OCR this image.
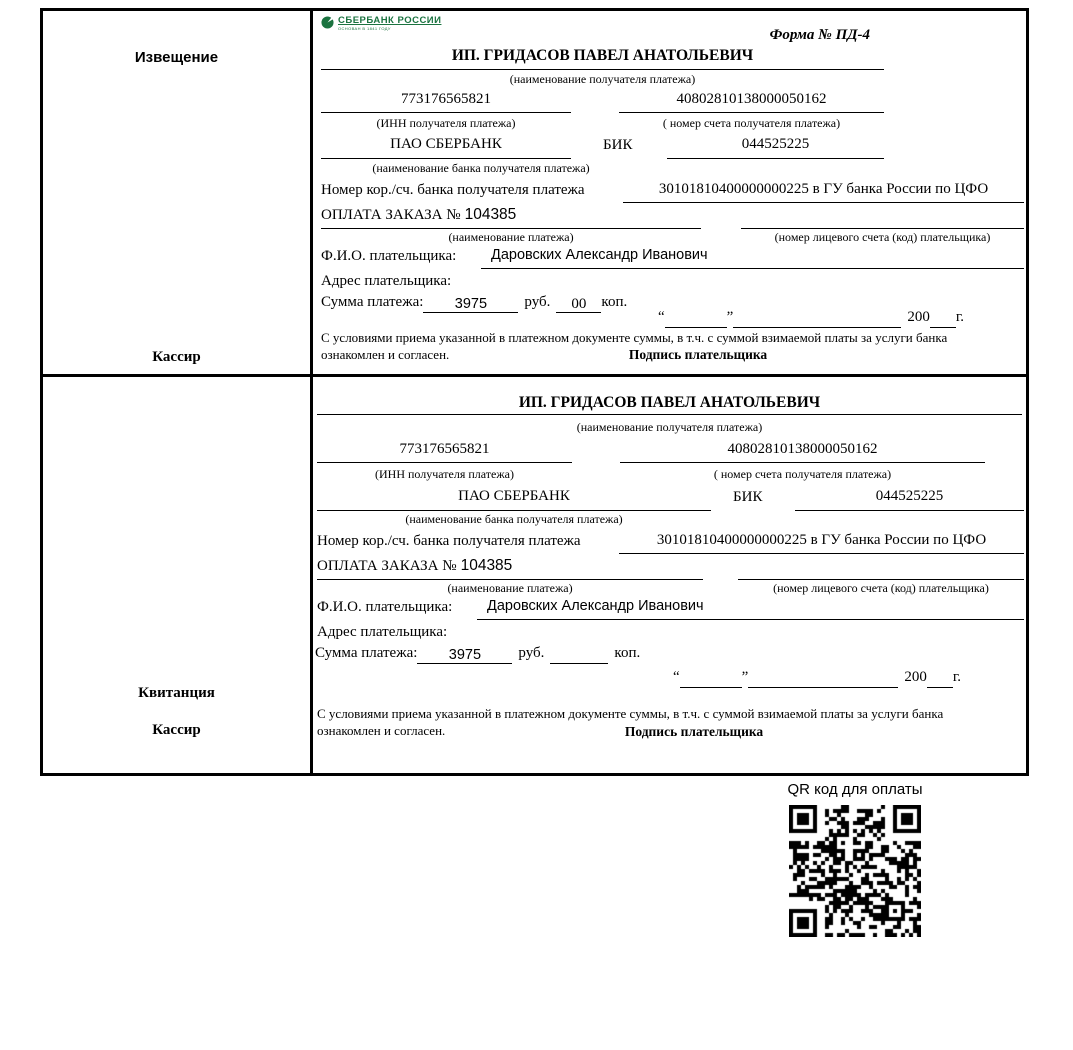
Извещение
Кассир
СБЕРБАНК РОССИИ
ОСНОВАН В 1841 ГОДУ	Форма № ПД-4
ИП. ГРИДАСОВ ПАВЕЛ АНАТОЛЬЕВИЧ
(наименование получателя платежа)
773176565821	40802810138000050162
(ИНН получателя платежа)	( номер счета получателя платежа)
ПАО СБЕРБАНК	БИК	044525225
(наименование банка получателя платежа)
Номер кор./сч. банка получателя платежа	30101810400000000225 в ГУ банка России по ЦФО
ОПЛАТА ЗАКАЗА № 104385
(наименование платежа)	(номер лицевого счета (код) плательщика)
Ф.И.О. плательщика:	Даровских Александр Иванович
Адрес плательщика:
Сумма платежа: 3975 руб. 00 коп.
“	”	200 г.
С условиями приема указанной в платежном документе суммы, в т.ч. с суммой взимаемой платы за услуги банка
ознакомлен и согласен.	Подпись плательщика
Квитанция
Кассир
ИП. ГРИДАСОВ ПАВЕЛ АНАТОЛЬЕВИЧ
(наименование получателя платежа)
773176565821	40802810138000050162
(ИНН получателя платежа)	( номер счета получателя платежа)
ПАО СБЕРБАНК	БИК	044525225
(наименование банка получателя платежа)
Номер кор./сч. банка получателя платежа	30101810400000000225 в ГУ банка России по ЦФО
ОПЛАТА ЗАКАЗА № 104385
(наименование платежа)	(номер лицевого счета (код) плательщика)
Ф.И.О. плательщика:	Даровских Александр Иванович
Адрес плательщика:
Сумма платежа: 3975 руб.	коп.
“	”	200 г.
С условиями приема указанной в платежном документе суммы, в т.ч. с суммой взимаемой платы за услуги банка
ознакомлен и согласен.	Подпись плательщика
QR код для оплаты
